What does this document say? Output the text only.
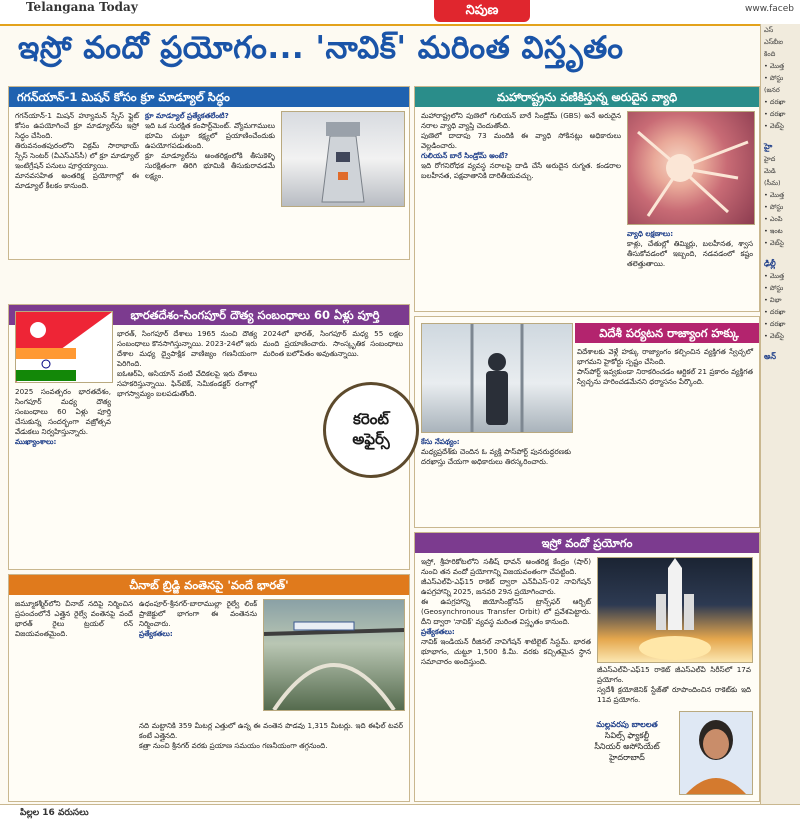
Telangana Today	నిపుణ	www.faceb
ఇస్రో వందో ప్రయోగం... 'నావిక్' మరింత విస్తృతం
గగన్‌యాన్-1 మిషన్ కోసం క్రూ మాడ్యూల్ సిద్ధం

గగన్‌యాన్-1 మిషన్ హ్యూమన్ స్పేస్ ఫ్లైట్ కోసం ఉపయోగించే క్రూ మాడ్యూల్‌ను ఇస్రో సిద్ధం చేసింది.

తిరువనంతపురంలోని విక్రమ్ సారాభాయ్ స్పేస్ సెంటర్ (వీఎస్‌ఎస్‌సీ) లో క్రూ మాడ్యూల్ ఇంటిగ్రేషన్ పనులు పూర్తయ్యాయి.

మానవసహిత అంతరిక్ష ప్రయోగాల్లో ఈ మాడ్యూల్ కీలకం కానుంది.

క్రూ మాడ్యూల్ ప్రత్యేకతలేంటి?

ఇది ఒక సురక్షిత కంపార్ట్‌మెంట్. వ్యోమగాములు భూమి చుట్టూ కక్ష్యలో ప్రయాణించేందుకు ఉపయోగపడుతుంది.

క్రూ మాడ్యూల్‌ను అంతరిక్షంలోకి తీసుకెళ్ళి సురక్షితంగా తిరిగి భూమికి తీసుకురావడమే లక్ష్యం.

మహారాష్ట్రను వణికిస్తున్న అరుదైన వ్యాధి

మహారాష్ట్రలోని పుణెలో గులియన్ బారే సిండ్రోమ్ (GBS) అనే అరుదైన నరాల వ్యాధి వ్యాప్తి చెందుతోంది.

పుణెలో దాదాపు 73 మందికి ఈ వ్యాధి సోకినట్లు అధికారులు వెల్లడించారు.

గులియన్ బారే సిండ్రోమ్ అంటే?

ఇది రోగనిరోధక వ్యవస్థ నరాలపై దాడి చేసే అరుదైన రుగ్మత. కండరాల బలహీనత, పక్షవాతానికి దారితీయవచ్చు.

వ్యాధి లక్షణాలు:

కాళ్లు, చేతుల్లో తిమ్మిర్లు, బలహీనత, శ్వాస తీసుకోవడంలో ఇబ్బంది, నడవడంలో కష్టం తలెత్తుతాయి.

భారతదేశం-సింగపూర్ దౌత్య సంబంధాలు 60 ఏళ్లు పూర్తి

2025 సంవత్సరం భారతదేశం, సింగపూర్ మధ్య దౌత్య సంబంధాలు 60 ఏళ్లు పూర్తి చేసుకున్న సందర్భంగా వజ్రోత్సవ వేడుకలు నిర్వహిస్తున్నారు.

ముఖ్యాంశాలు:

భారత్, సింగపూర్ దేశాలు 1965 నుంచి దౌత్య సంబంధాలు కొనసాగిస్తున్నాయి. 2023-24లో ఇరు దేశాల మధ్య ద్వైపాక్షిక వాణిజ్యం గణనీయంగా పెరిగింది.

ఐఓఆర్ఏ, ఆసియాన్ వంటి వేదికలపై ఇరు దేశాలు సహకరిస్తున్నాయి. ఫిన్‌టెక్, సెమీకండక్టర్ రంగాల్లో భాగస్వామ్యం బలపడుతోంది.

2024లో భారత్, సింగపూర్ మధ్య 55 లక్షల మంది ప్రయాణించారు. సాంస్కృతిక సంబంధాలు మరింత బలోపేతం అవుతున్నాయి.

విదేశీ పర్యటన రాజ్యాంగ హక్కు

విదేశాలకు వెళ్లే హక్కు రాజ్యాంగం కల్పించిన వ్యక్తిగత స్వేచ్ఛలో భాగమని హైకోర్టు స్పష్టం చేసింది.

పాస్‌పోర్ట్ ఇవ్వకుండా నిరాకరించడం ఆర్టికల్ 21 ప్రకారం వ్యక్తిగత స్వేచ్ఛను హరించడమేనని ధర్మాసనం పేర్కొంది.

కేసు నేపథ్యం:

మధ్యప్రదేశ్‌కు చెందిన ఓ వ్యక్తి పాస్‌పోర్ట్ పునరుద్ధరణకు దరఖాస్తు చేయగా అధికారులు తిరస్కరించారు.

కరెంట్
అఫైర్స్
చీనాబ్ బ్రిడ్జి వంతెనపై 'వందే భారత్'

జమ్మూకశ్మీర్‌లోని చీనాబ్ నదిపై నిర్మించిన ప్రపంచంలోనే ఎత్తైన రైల్వే వంతెనపై వందే భారత్ రైలు ట్రయల్ రన్ విజయవంతమైంది.

ఉధంపూర్-శ్రీనగర్-బారాముల్లా రైల్వే లింక్ ప్రాజెక్టులో భాగంగా ఈ వంతెనను నిర్మించారు.

ప్రత్యేకతలు:

నది మట్టానికి 359 మీటర్ల ఎత్తులో ఉన్న ఈ వంతెన పొడవు 1,315 మీటర్లు. ఇది ఈఫిల్ టవర్ కంటే ఎత్తైనది.

కత్రా నుంచి శ్రీనగర్ వరకు ప్రయాణ సమయం గణనీయంగా తగ్గనుంది.

ఇస్రో వందో ప్రయోగం

ఇస్రో, శ్రీహరికోటలోని సతీష్ ధావన్ అంతరిక్ష కేంద్రం (షార్) నుంచి తన వందో ప్రయోగాన్ని విజయవంతంగా చేపట్టింది.

జీఎస్‌ఎల్‌వీ-ఎఫ్15 రాకెట్ ద్వారా ఎన్‌వీఎస్-02 నావిగేషన్ ఉపగ్రహాన్ని 2025, జనవరి 29న ప్రయోగించారు.

ఈ ఉపగ్రహాన్ని జియోసింక్రోనస్ ట్రాన్స్‌ఫర్ ఆర్బిట్ (Geosynchronous Transfer Orbit) లో ప్రవేశపెట్టారు. దీని ద్వారా 'నావిక్' వ్యవస్థ మరింత విస్తృతం కానుంది.

ప్రత్యేకతలు:

నావిక్ ఇండియన్ రీజినల్ నావిగేషన్ శాటిలైట్ సిస్టమ్. భారత భూభాగం, చుట్టూ 1,500 కి.మీ. వరకు కచ్చితమైన స్థాన సమాచారం అందిస్తుంది.

జీఎస్‌ఎల్‌వీ-ఎఫ్15 రాకెట్ జీఎస్‌ఎల్‌వీ సిరీస్‌లో 17వ ప్రయోగం.

స్వదేశీ క్రయోజెనిక్ స్టేజ్‌తో రూపొందించిన రాకెట్‌కు ఇది 11వ ప్రయోగం.

మల్లవరపు బాలలత
సివిల్స్ ఫ్యాకల్టీ
సీనియర్ అసోసియేట్
హైదరాబాద్
ఎస్
ఎస్‌బీఐ
కింది
• మొత్త
• పోస్టు
(జనర
• దరఖా
• దరఖా
• వెబ్‌సై
హై
హైద
మెడి
(సీమ)
• మొత్త
• పోస్టు
• ఎంపి
• ఇంట
• వెబ్‌సై
ఢిల్లీ
• మొత్త
• పోస్టు
• విభా
• దరఖా
• దరఖా
• వెబ్‌సై
అన్
పిల్లల 16 వరుసలు
